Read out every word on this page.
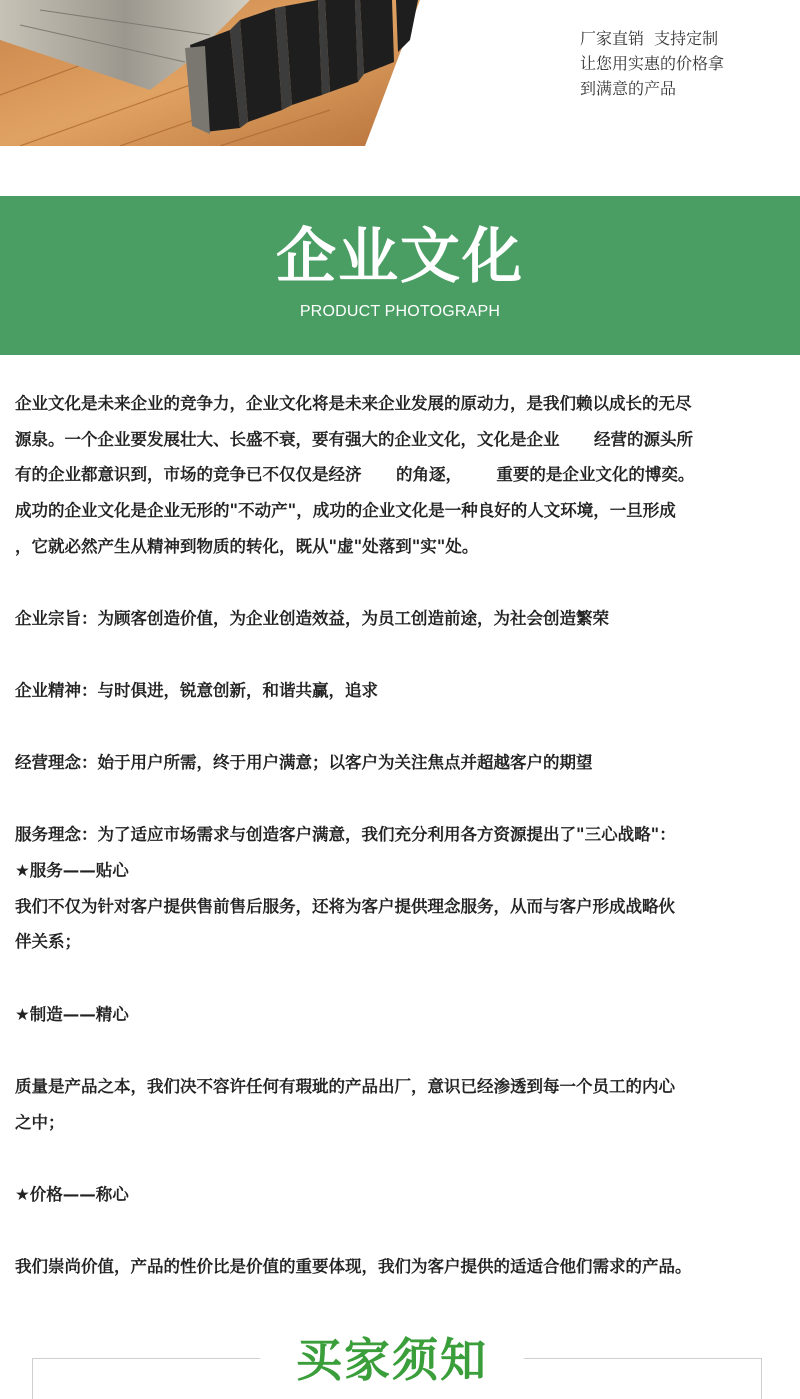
厂家直销  支持定制
让您用实惠的价格拿
到满意的产品
企业文化
PRODUCT PHOTOGRAPH
企业文化是未来企业的竞争力，企业文化将是未来企业发展的原动力，是我们赖以成长的无尽
源泉。一个企业要发展壮大、长盛不衰，要有强大的企业文化，文化是企业      经营的源头所
有的企业都意识到，市场的竞争已不仅仅是经济      的角逐，      重要的是企业文化的博奕。
成功的企业文化是企业无形的"不动产"，成功的企业文化是一种良好的人文环境，一旦形成
，它就必然产生从精神到物质的转化，既从"虚"处落到"实"处。
企业宗旨：为顾客创造价值，为企业创造效益，为员工创造前途，为社会创造繁荣
企业精神：与时俱进，锐意创新，和谐共赢，追求
经营理念：始于用户所需，终于用户满意；以客户为关注焦点并超越客户的期望
服务理念：为了适应市场需求与创造客户满意，我们充分利用各方资源提出了"三心战略"：
★服务——贴心
我们不仅为针对客户提供售前售后服务，还将为客户提供理念服务，从而与客户形成战略伙
伴关系；
★制造——精心
质量是产品之本，我们决不容许任何有瑕玼的产品出厂，意识已经渗透到每一个员工的内心
之中；
★价格——称心
我们崇尚价值，产品的性价比是价值的重要体现，我们为客户提供的适适合他们需求的产品。
买家须知
